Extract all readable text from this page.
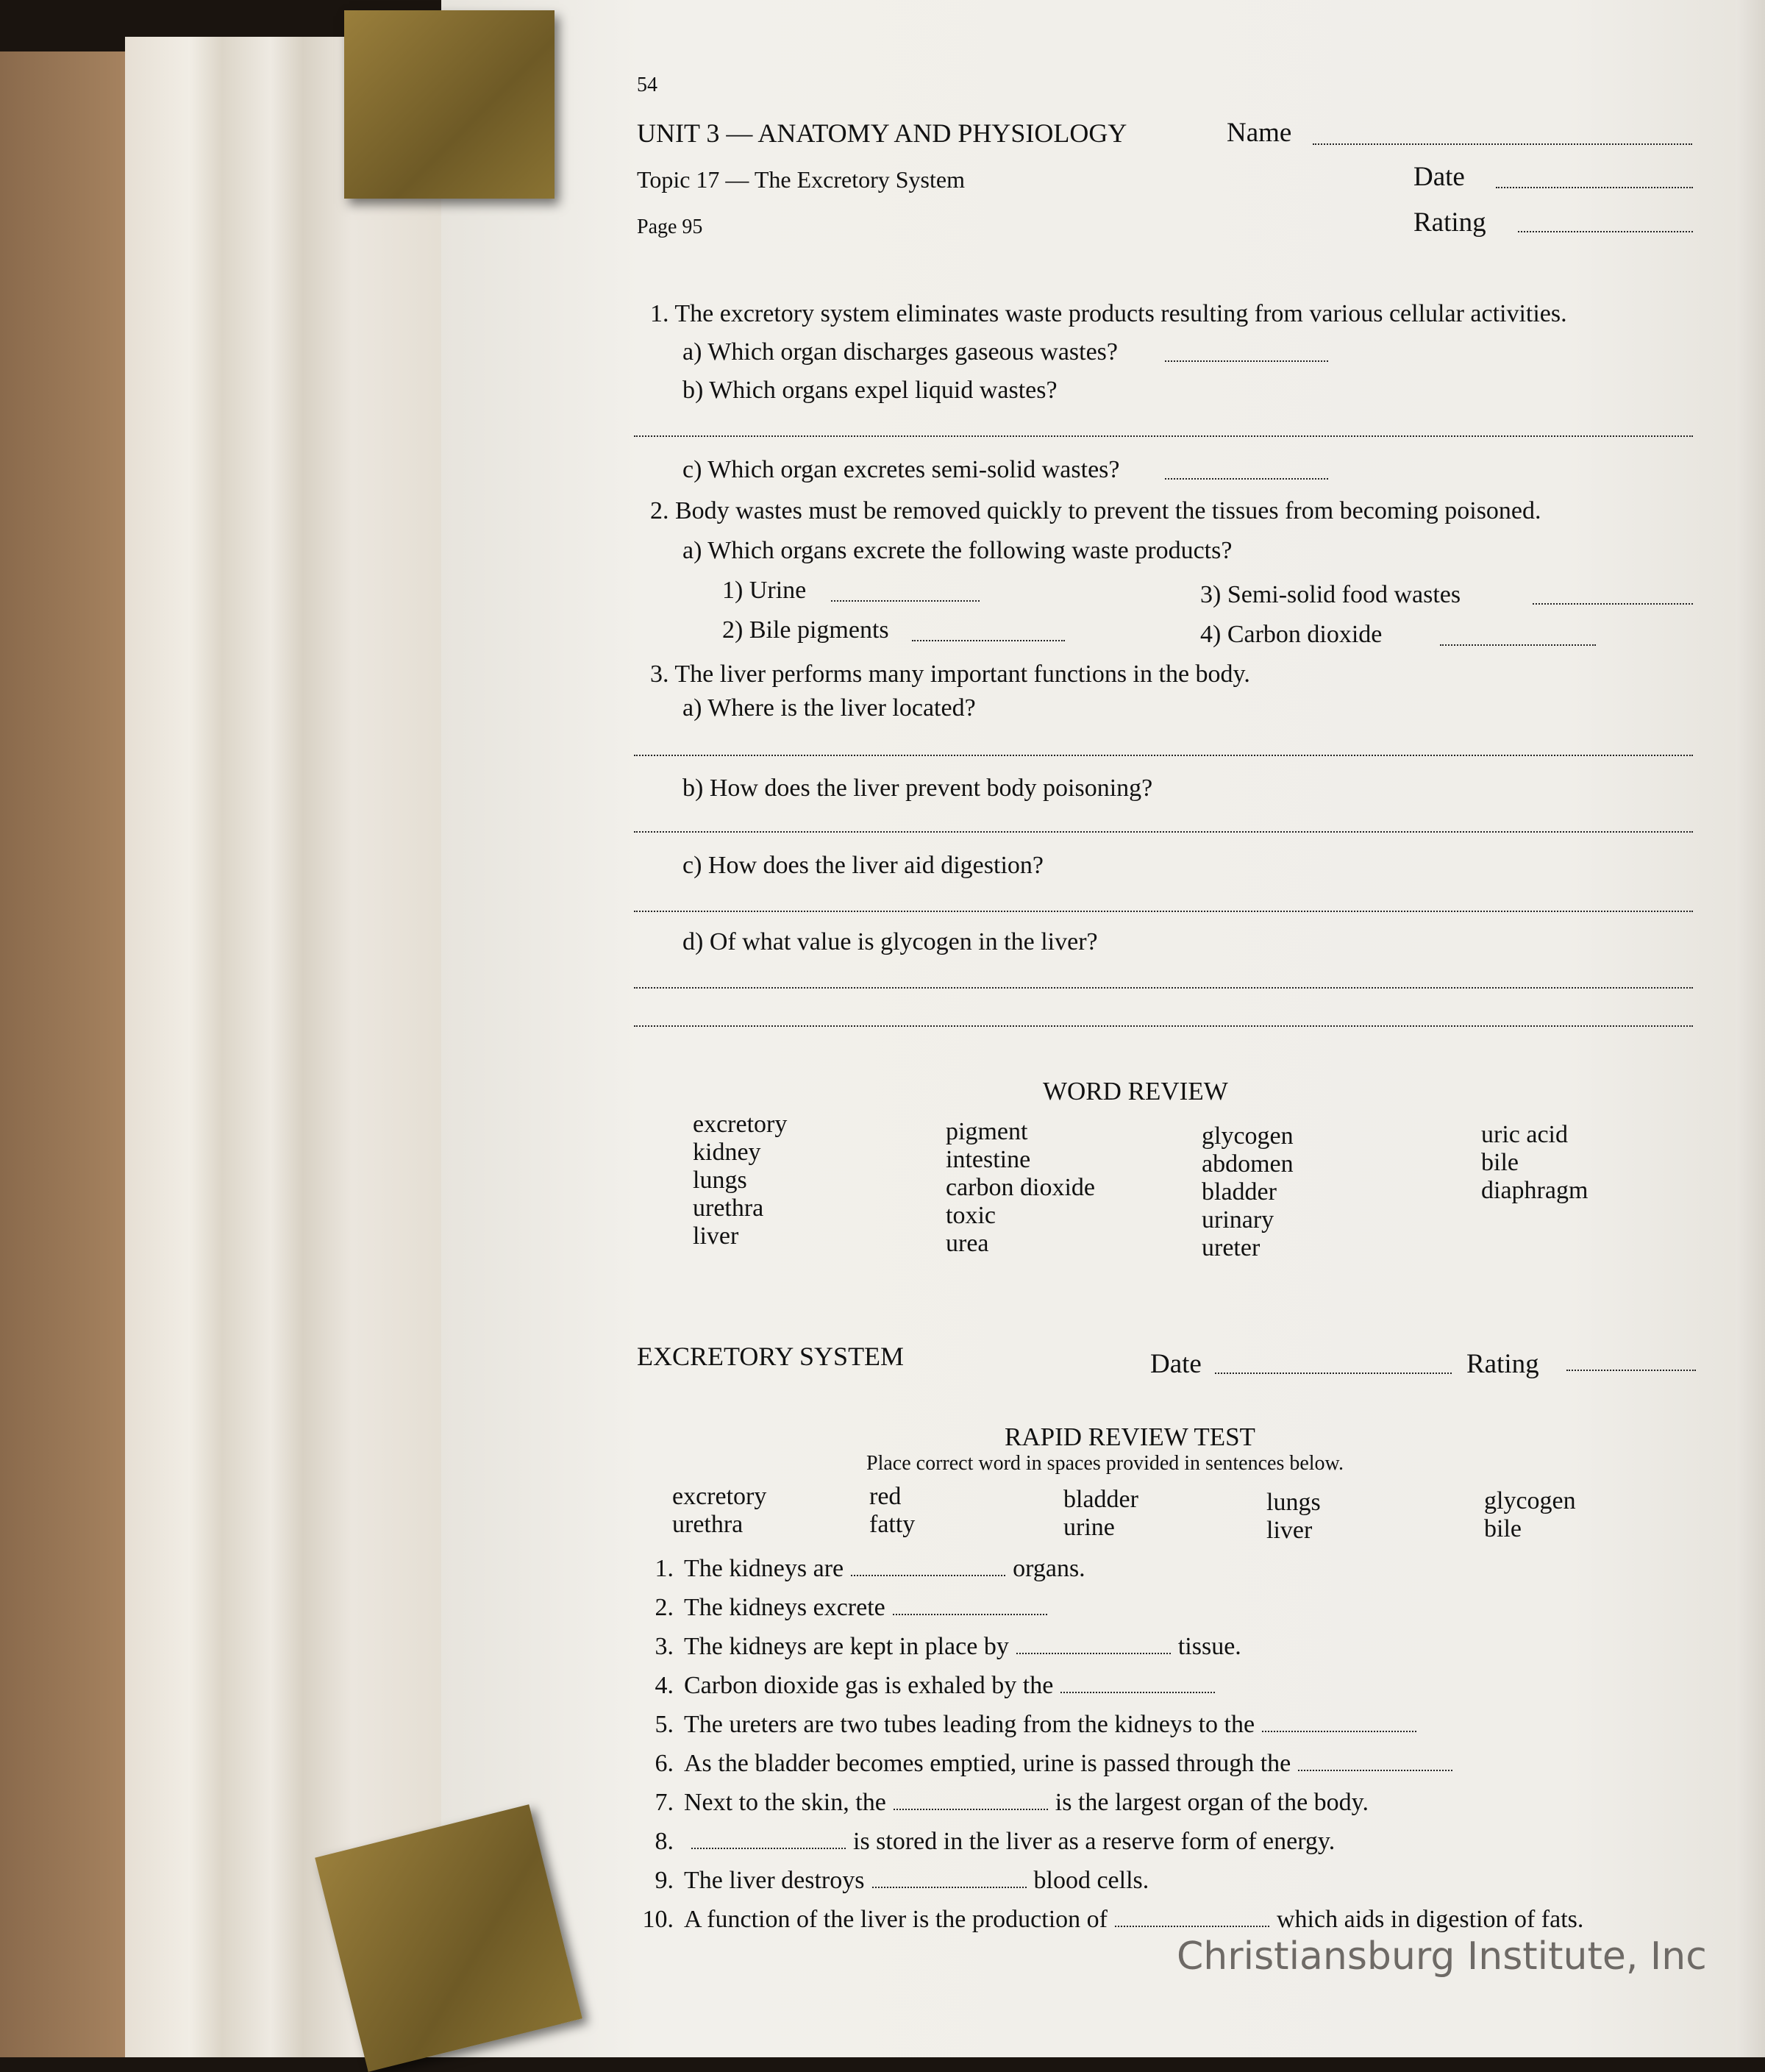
54
UNIT 3 — ANATOMY AND PHYSIOLOGY
Topic 17 — The Excretory System
Page 95
Name
Date
Rating
1. The excretory system eliminates waste products resulting from various cellular activities.
a) Which organ discharges gaseous wastes?
b) Which organs expel liquid wastes?
c) Which organ excretes semi-solid wastes?
2. Body wastes must be removed quickly to prevent the tissues from becoming poisoned.
a) Which organs excrete the following waste products?
1) Urine
2) Bile pigments
3) Semi-solid food wastes
4) Carbon dioxide
3. The liver performs many important functions in the body.
a) Where is the liver located?
b) How does the liver prevent body poisoning?
c) How does the liver aid digestion?
d) Of what value is glycogen in the liver?
WORD REVIEW
excretory
kidney
lungs
urethra
liver
pigment
intestine
carbon dioxide
toxic
urea
glycogen
abdomen
bladder
urinary
ureter
uric acid
bile
diaphragm
EXCRETORY SYSTEM	Date	Rating
RAPID REVIEW TEST
Place correct word in spaces provided in sentences below.
excretory
urethra
red
fatty
bladder
urine
lungs
liver
glycogen
bile
1. The kidneys are	organs.
2. The kidneys excrete
3. The kidneys are kept in place by	tissue.
4. Carbon dioxide gas is exhaled by the
5. The ureters are two tubes leading from the kidneys to the
6. As the bladder becomes emptied, urine is passed through the
7. Next to the skin, the	is the largest organ of the body.
8.	is stored in the liver as a reserve form of energy.
9. The liver destroys	blood cells.
10. A function of the liver is the production of	which aids in digestion of fats.
Christiansburg Institute, Inc
